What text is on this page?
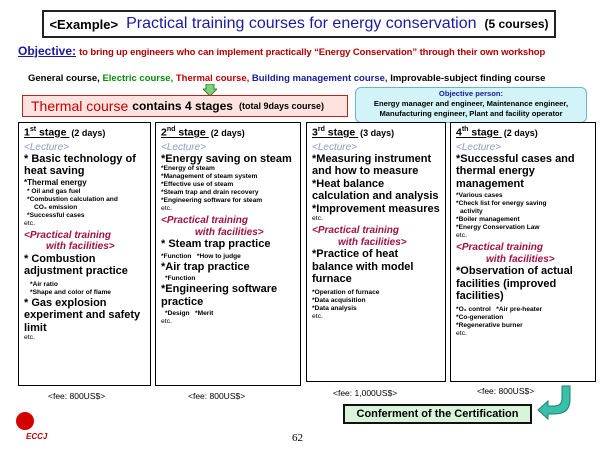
<Example> Practical training courses for energy conservation (5 courses)
Objective: to bring up engineers who can implement practically “Energy Conservation” through their own workshop
General course, Electric course, Thermal course, Building management course, Improvable-subject finding course
Thermal course contains 4 stages (total 9days course)
Objective person:
Energy manager and engineer, Maintenance engineer,
Manufacturing engineer, Plant and facility operator
1st stage (2 days)
<Lecture>
* Basic technology of heat saving
*Thermal energy
* Oil and gas fuel
*Combustion calculation and
CO₂ emission
*Successful cases
etc.
<Practical training
with facilities>
* Combustion adjustment practice
*Air ratio
*Shape and color of flame
* Gas explosion experiment and safety limit
etc.
2nd stage (2 days)
<Lecture>
*Energy saving on steam
*Energy of steam
*Management of steam system
*Effective use of steam
*Steam trap and drain recovery
*Engineering software for steam
etc.
<Practical training
with facilities>
* Steam trap practice
*Function   *How to judge
*Air trap practice
*Function
*Engineering software practice
*Design   *Merit
etc.
3rd stage (3 days)
<Lecture>
*Measuring instrument and how to measure
*Heat balance calculation and analysis
*Improvement measures
etc.
<Practical training
with facilities>
*Practice of heat balance with model furnace
*Operation of furnace
*Data acquisition
*Data analysis
etc.
4th stage (2 days)
<Lecture>
*Successful cases and thermal energy management
*Various cases
*Check list for energy saving
activity
*Boiler management
*Energy Conservation Law
etc.
<Practical training
with facilities>
*Observation of actual facilities (improved facilities)
*O₂ control   *Air pre-heater
*Co-generation
*Regenerative burner
etc.
<fee: 800US$>	<fee: 800US$>	<fee: 1,000US$>	<fee: 800US$>
Conferment of the Certification
ECCJ	62
